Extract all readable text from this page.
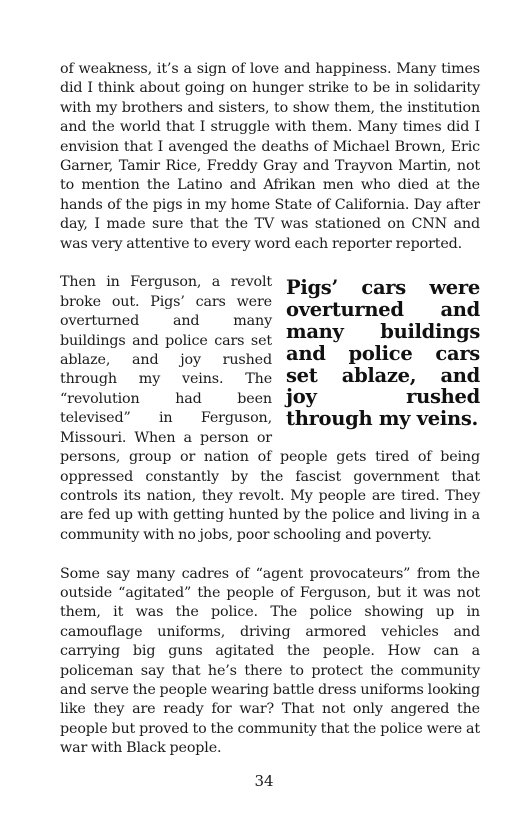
of weakness, it’s a sign of love and happiness. Many times did I think about going on hunger strike to be in solidarity with my brothers and sisters, to show them, the institution and the world that I struggle with them. Many times did I envision that I avenged the deaths of Michael Brown, Eric Garner, Tamir Rice, Freddy Gray and Trayvon Martin, not to mention the Latino and Afrikan men who died at the hands of the pigs in my home State of California. Day after day, I made sure that the TV was stationed on CNN and was very attentive to every word each reporter reported.

Pigs’ cars were overturned and many buildings and police cars set ablaze, and joy rushed through my veins.

Then in Ferguson, a revolt broke out. Pigs’ cars were overturned and many buildings and police cars set ablaze, and joy rushed through my veins. The “revolution had been televised” in Ferguson, Missouri. When a person or persons, group or nation of people gets tired of being oppressed constantly by the fascist government that controls its nation, they revolt. My people are tired. They are fed up with getting hunted by the police and living in a community with no jobs, poor schooling and poverty.

Some say many cadres of “agent provocateurs” from the outside “agitated” the people of Ferguson, but it was not them, it was the police. The police showing up in camouflage uniforms, driving armored vehicles and carrying big guns agitated the people. How can a policeman say that he’s there to protect the community and serve the people wearing battle dress uniforms looking like they are ready for war? That not only angered the people but proved to the community that the police were at war with Black people.

34
